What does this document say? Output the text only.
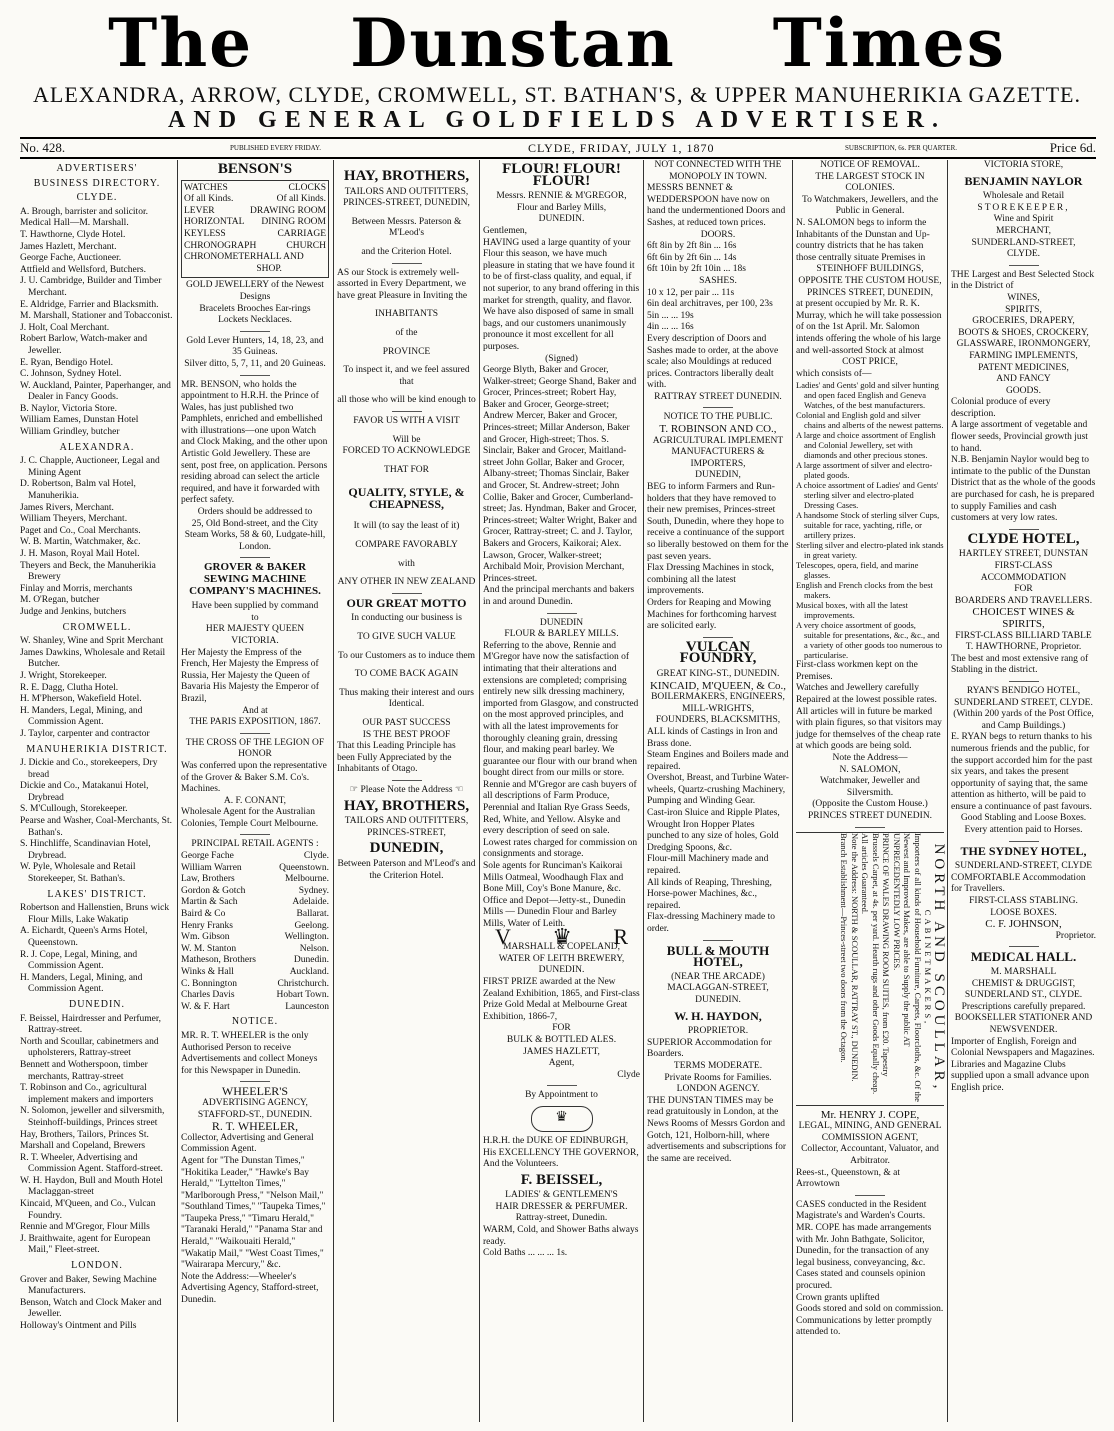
The Dunstan Times
ALEXANDRA, ARROW, CLYDE, CROMWELL, ST. BATHAN'S, & UPPER MANUHERIKIA GAZETTE.
AND GENERAL GOLDFIELDS ADVERTISER.
No. 428.	PUBLISHED EVERY FRIDAY.	CLYDE, FRIDAY, JULY 1, 1870	SUBSCRIPTION, 6s. PER QUARTER.	Price 6d.
ADVERTISERS'
BUSINESS DIRECTORY.
CLYDE.

A. Brough, barrister and solicitor.

Medical Hall—M. Marshall.

T. Hawthorne, Clyde Hotel.

James Hazlett, Merchant.

George Fache, Auctioneer.

Attfield and Wellsford, Butchers.

J. U. Cambridge, Builder and Timber Merchant.

E. Aldridge, Farrier and Blacksmith.

M. Marshall, Stationer and Tobacconist.

J. Holt, Coal Merchant.

Robert Barlow, Watch-maker and Jeweller.

E. Ryan, Bendigo Hotel.

C. Johnson, Sydney Hotel.

W. Auckland, Painter, Paperhanger, and Dealer in Fancy Goods.

B. Naylor, Victoria Store.

William Eames, Dunstan Hotel

William Grindley, butcher

ALEXANDRA.

J. C. Chapple, Auctioneer, Legal and Mining Agent

D. Robertson, Balm val Hotel, Manuherikia.

James Rivers, Merchant.

William Theyers, Merchant.

Paget and Co., Coal Merchants.

W. B. Martin, Watchmaker, &c.

J. H. Mason, Royal Mail Hotel.

Theyers and Beck, the Manuherikia Brewery

Finlay and Morris, merchants

M. O'Regan, butcher

Judge and Jenkins, butchers

CROMWELL.

W. Shanley, Wine and Sprit Merchant

James Dawkins, Wholesale and Retail Butcher.

J. Wright, Storekeeper.

R. E. Dagg, Clutha Hotel.

H. M'Pherson, Wakefield Hotel.

H. Manders, Legal, Mining, and Commission Agent.

J. Taylor, carpenter and contractor

MANUHERIKIA DISTRICT.

J. Dickie and Co., storekeepers, Dry bread

Dickie and Co., Matakanui Hotel, Drybread

S. M'Cullough, Storekeeper.

Pearse and Washer, Coal-Merchants, St. Bathan's.

S. Hinchliffe, Scandinavian Hotel, Drybread.

W. Pyle, Wholesale and Retail Storekeeper, St. Bathan's.

LAKES' DISTRICT.

Robertson and Hallenstien, Bruns wick Flour Mills, Lake Wakatip

A. Eichardt, Queen's Arms Hotel, Queenstown.

R. J. Cope, Legal, Mining, and Commission Agent.

H. Manders, Legal, Mining, and Commission Agent.

DUNEDIN.

F. Beissel, Hairdresser and Perfumer, Rattray-street.

North and Scoullar, cabinetmers and upholsterers, Rattray-street

Bennett and Wotherspoon, timber merchants, Rattray-street

T. Robinson and Co., agricultural implement makers and importers

N. Solomon, jeweller and silversmith, Steinhoff-buildings, Princes street

Hay, Brothers, Tailors, Princes St.

Marshall and Copeland, Brewers

R. T. Wheeler, Advertising and Commission Agent. Stafford-street.

W. H. Haydon, Bull and Mouth Hotel Maclaggan-street

Kincaid, M'Queen, and Co., Vulcan Foundry.

Rennie and M'Gregor, Flour Mills

J. Braithwaite, agent for European Mail," Fleet-street.

LONDON.

Grover and Baker, Sewing Machine Manufacturers.

Benson, Watch and Clock Maker and Jeweller.

Holloway's Ointment and Pills

BENSON'S
WATCHES	CLOCKS
Of all Kinds.	Of all Kinds.
LEVER	DRAWING ROOM
HORIZONTAL DINING ROOM
KEYLESS	CARRIAGE
CHRONOGRAPH	CHURCH
CHRONOMETER HALL AND SHOP.
GOLD JEWELLERY of the Newest Designs
Bracelets Brooches Ear-rings
Lockets Necklaces.
Gold Lever Hunters, 14, 18, 23, and 35 Guineas.
Silver ditto, 5, 7, 11, and 20 Guineas.
MR. BENSON, who holds the appointment to H.R.H. the Prince of Wales, has just published two Pamphlets, enriched and embellished with illustrations—one upon Watch and Clock Making, and the other upon Artistic Gold Jewellery. These are sent, post free, on application. Persons residing abroad can select the article required, and have it forwarded with perfect safety.
Orders should be addressed to
25, Old Bond-street, and the City Steam Works, 58 & 60, Ludgate-hill, London.
GROVER & BAKER SEWING MACHINE COMPANY'S MACHINES.
Have been supplied by command
to
HER MAJESTY QUEEN VICTORIA.
Her Majesty the Empress of the French, Her Majesty the Empress of Russia, Her Majesty the Queen of Bavaria His Majesty the Emperor of Brazil,
And at
THE PARIS EXPOSITION, 1867.
THE CROSS OF THE LEGION OF HONOR
Was conferred upon the representative of the Grover & Baker S.M. Co's. Machines.
A. F. CONANT,
Wholesale Agent for the Australian Colonies, Temple Court Melbourne.
PRINCIPAL RETAIL AGENTS :
George Fache	Clyde.
William Warren	Queenstown.
Law, Brothers	Melbourne.
Gordon & Gotch	Sydney.
Martin & Sach	Adelaide.
Baird & Co	Ballarat.
Henry Franks	Geelong.
Wm. Gibson	Wellington.
W. M. Stanton	Nelson.
Matheson, Brothers	Dunedin.
Winks & Hall	Auckland.
C. Bonnington	Christchurch.
Charles Davis	Hobart Town.
W. & F. Hart	Launceston
NOTICE.
MR. R. T. WHEELER is the only Authorised Person to receive Advertisements and collect Moneys for this Newspaper in Dunedin.
WHEELER'S
ADVERTISING AGENCY,
STAFFORD-ST., DUNEDIN.
R. T. WHEELER,
Collector, Advertising and General Commission Agent.
Agent for "The Dunstan Times," "Hokitika Leader," "Hawke's Bay Herald," "Lyttelton Times," "Marlborough Press," "Nelson Mail," "Southland Times," "Taupeka Times," "Taupeka Press," "Timaru Herald," "Taranaki Herald," "Panama Star and Herald," "Waikouaiti Herald," "Wakatip Mail," "West Coast Times," "Wairarapa Mercury," &c.
Note the Address:—Wheeler's Advertising Agency, Stafford-street, Dunedin.
HAY, BROTHERS,
TAILORS AND OUTFITTERS,
PRINCES-STREET, DUNEDIN,
Between Messrs. Paterson & M'Leod's
and the Criterion Hotel.
AS our Stock is extremely well-assorted in Every Department, we have great Pleasure in Inviting the
INHABITANTS
of the
PROVINCE
To inspect it, and we feel assured that
all those who will be kind enough to
FAVOR US WITH A VISIT
Will be
FORCED TO ACKNOWLEDGE
THAT FOR
QUALITY, STYLE, & CHEAPNESS,
It will (to say the least of it)
COMPARE FAVORABLY
with
ANY OTHER IN NEW ZEALAND
OUR GREAT MOTTO
In conducting our business is
TO GIVE SUCH VALUE
To our Customers as to induce them
TO COME BACK AGAIN
Thus making their interest and ours
Identical.
OUR PAST SUCCESS
IS THE BEST PROOF
That this Leading Principle has been Fully Appreciated by the Inhabitants of Otago.
☞ Please Note the Address ☜
HAY, BROTHERS,
TAILORS AND OUTFITTERS,
PRINCES-STREET,
DUNEDIN,
Between Paterson and M'Leod's and
the Criterion Hotel.
FLOUR! FLOUR! FLOUR!
Messrs. RENNIE & M'GREGOR,
Flour and Barley Mills,
DUNEDIN.
Gentlemen,
HAVING used a large quantity of your Flour this season, we have much pleasure in stating that we have found it to be of first-class quality, and equal, if not superior, to any brand offering in this market for strength, quality, and flavor. We have also disposed of same in small bags, and our customers unanimously pronounce it most excellent for all purposes.
(Signed)
George Blyth, Baker and Grocer, Walker-street; George Shand, Baker and Grocer, Princes-street; Robert Hay, Baker and Grocer, George-street; Andrew Mercer, Baker and Grocer, Princes-street; Millar Anderson, Baker and Grocer, High-street; Thos. S. Sinclair, Baker and Grocer, Maitland-street John Gollar, Baker and Grocer, Albany-street; Thomas Sinclair, Baker and Grocer, St. Andrew-street; John Collie, Baker and Grocer, Cumberland-street; Jas. Hyndman, Baker and Grocer, Princes-street; Walter Wright, Baker and Grocer, Rattray-street; C. and J. Taylor, Bakers and Grocers, Kaikorai; Alex. Lawson, Grocer, Walker-street; Archibald Moir, Provision Merchant, Princes-street.
And the principal merchants and bakers in and around Dunedin.
DUNEDIN
FLOUR & BARLEY MILLS.
Referring to the above, Rennie and M'Gregor have now the satisfaction of intimating that their alterations and extensions are completed; comprising entirely new silk dressing machinery, imported from Glasgow, and constructed on the most approved principles, and with all the latest improvements for thoroughly cleaning grain, dressing flour, and making pearl barley. We guarantee our flour with our brand when bought direct from our mills or store.
Rennie and M'Gregor are cash buyers of all descriptions of Farm Produce, Perennial and Italian Rye Grass Seeds, Red, White, and Yellow. Alsyke and every description of seed on sale.
Lowest rates charged for commission on consignments and storage.
Sole agents for Runciman's Kaikorai Mills Oatmeal, Woodhaugh Flax and Bone Mill, Coy's Bone Manure, &c.
Office and Depot—Jetty-st., Dunedin
Mills — Dunedin Flour and Barley Mills, Water of Leith.
V ♛ R
MARSHALL & COPELAND,
WATER OF LEITH BREWERY,
DUNEDIN.
FIRST PRIZE awarded at the New Zealand Exhibition, 1865, and First-class Prize Gold Medal at Melbourne Great Exhibition, 1866-7,
FOR
BULK & BOTTLED ALES.
JAMES HAZLETT,
Agent,
Clyde
By Appointment to
♛
H.R.H. the DUKE OF EDINBURGH, His EXCELLENCY THE GOVERNOR, And the Volunteers.
F. BEISSEL,
LADIES' & GENTLEMEN'S
HAIR DRESSER & PERFUMER.
Rattray-street, Dunedin.
WARM, Cold, and Shower Baths always ready.
Cold Baths ... ... ... 1s.
NOT CONNECTED WITH THE MONOPOLY IN TOWN.
MESSRS BENNET & WEDDERSPOON have now on hand the undermentioned Doors and Sashes, at reduced town prices.
DOORS.
6ft 8in by 2ft 8in ... 16s
6ft 6in by 2ft 6in ... 14s
6ft 10in by 2ft 10in ... 18s
SASHES.
10 x 12, per pair ... 11s
6in deal architraves, per 100, 23s
5in ... ... 19s
4in ... ... 16s
Every description of Doors and Sashes made to order, at the above scale; also Mouldings at reduced prices. Contractors liberally dealt with.
RATTRAY STREET DUNEDIN.
NOTICE TO THE PUBLIC.
T. ROBINSON AND CO.,
AGRICULTURAL IMPLEMENT
MANUFACTURERS & IMPORTERS,
DUNEDIN,
BEG to inform Farmers and Run-holders that they have removed to their new premises, Princes-street South, Dunedin, where they hope to receive a continuance of the support so liberally bestowed on them for the past seven years.
Flax Dressing Machines in stock, combining all the latest improvements.
Orders for Reaping and Mowing Machines for forthcoming harvest are solicited early.
VULCAN FOUNDRY,
GREAT KING-ST., DUNEDIN.
KINCAID, M'QUEEN, & Co.,
BOILERMAKERS, ENGINEERS, MILL-WRIGHTS,
FOUNDERS, BLACKSMITHS,
ALL kinds of Castings in Iron and Brass done.
Steam Engines and Boilers made and repaired.
Overshot, Breast, and Turbine Water-wheels, Quartz-crushing Machinery, Pumping and Winding Gear.
Cast-iron Sluice and Ripple Plates, Wrought Iron Hopper Plates punched to any size of holes, Gold Dredging Spoons, &c.
Flour-mill Machinery made and repaired.
All kinds of Reaping, Threshing, Horse-power Machines, &c., repaired.
Flax-dressing Machinery made to order.
BULL & MOUTH HOTEL,
(NEAR THE ARCADE)
MACLAGGAN-STREET,
DUNEDIN.
W. H. HAYDON,
PROPRIETOR.
SUPERIOR Accommodation for Boarders.
TERMS MODERATE.
Private Rooms for Families.
LONDON AGENCY.
THE DUNSTAN TIMES may be read gratuitously in London, at the News Rooms of Messrs Gordon and Gotch, 121, Holborn-hill, where advertisements and subscriptions for the same are received.
NOTICE OF REMOVAL.
THE LARGEST STOCK IN COLONIES.
To Watchmakers, Jewellers, and the Public in General.
N. SALOMON begs to inform the Inhabitants of the Dunstan and Up-country districts that he has taken those centrally situate Premises in
STEINHOFF BUILDINGS,
OPPOSITE THE CUSTOM HOUSE, PRINCES STREET, DUNEDIN,
at present occupied by Mr. R. K. Murray, which he will take possession of on the 1st April. Mr. Salomon intends offering the whole of his large and well-assorted Stock at almost
COST PRICE,
which consists of—

Ladies' and Gents' gold and silver hunting and open faced English and Geneva Watches, of the best manufacturers.

Colonial and English gold and silver chains and alberts of the newest patterns.

A large and choice assortment of English and Colonial Jewellery, set with diamonds and other precious stones.

A large assortment of silver and electro-plated goods.

A choice assortment of Ladies' and Gents' sterling silver and electro-plated Dressing Cases.

A handsome Stock of sterling silver Cups, suitable for race, yachting, rifle, or artillery prizes.

Sterling silver and electro-plated ink stands in great variety.

Telescopes, opera, field, and marine glasses.

English and French clocks from the best makers.

Musical boxes, with all the latest improvements.

A very choice assortment of goods, suitable for presentations, &c., &c., and a variety of other goods too numerous to particularise.

First-class workmen kept on the Premises.
Watches and Jewellery carefully Repaired at the lowest possible rates.
All articles will in future be marked with plain figures, so that visitors may judge for themselves of the cheap rate at which goods are being sold.
Note the Address—
N. SALOMON,
Watchmaker, Jeweller and Silversmith.
(Opposite the Custom House.)
PRINCES STREET DUNEDIN.
NORTH AND SCOULLAR,
CABINETMAKERS,
Importers of all kinds of Household Furniture, Carpets, Floorcloths, &c. Of the Newest and Improved Makes, are able to Supply the public AT UNPRECEDENTEDLY LOW PRICES.
PRINCE OF WALES DRAWING ROOM SUITES, from £20. Tapestry Brussels Carpet, at 4s. per yard. Hearth rugs and other Goods Equally cheap. All articles Guaranteed.
Note the Address: NORTH & SCOULLAR, RATTRAY ST., DUNEDIN. Branch Establishment—Princes-street two doors from the Octagon.
Mr. HENRY J. COPE,
LEGAL, MINING, AND GENERAL
COMMISSION AGENT,
Collector, Accountant, Valuator, and Arbitrator.
Rees-st., Queenstown, & at Arrowtown
CASES conducted in the Resident Magistrate's and Warden's Courts.
MR. COPE has made arrangements with Mr. John Bathgate, Solicitor, Dunedin, for the transaction of any legal business, conveyancing, &c.
Cases stated and counsels opinion procured.
Crown grants uplifted
Goods stored and sold on commission.
Communications by letter promptly attended to.
VICTORIA STORE,
BENJAMIN NAYLOR
Wholesale and Retail
STOREKEEPER,
Wine and Spirit
MERCHANT,
SUNDERLAND-STREET,
CLYDE.
THE Largest and Best Selected Stock in the District of
WINES,
SPIRITS,
GROCERIES, DRAPERY,
BOOTS & SHOES, CROCKERY,
GLASSWARE, IRONMONGERY,
FARMING IMPLEMENTS,
PATENT MEDICINES,
AND FANCY
GOODS.
Colonial produce of every description.
A large assortment of vegetable and flower seeds, Provincial growth just to hand.
N.B. Benjamin Naylor would beg to intimate to the public of the Dunstan District that as the whole of the goods are purchased for cash, he is prepared to supply Families and cash customers at very low rates.
CLYDE HOTEL,
HARTLEY STREET, DUNSTAN
FIRST-CLASS ACCOMMODATION
FOR
BOARDERS AND TRAVELLERS.
CHOICEST WINES & SPIRITS,
FIRST-CLASS BILLIARD TABLE
T. HAWTHORNE, Proprietor.
The best and most extensive rang of Stabling in the district.
RYAN'S BENDIGO HOTEL,
SUNDERLAND STREET, CLYDE.
(Within 200 yards of the Post Office, and Camp Buildings.)
E. RYAN begs to return thanks to his numerous friends and the public, for the support accorded him for the past six years, and takes the present opportunity of saying that, the same attention as hitherto, will be paid to ensure a continuance of past favours.
Good Stabling and Loose Boxes.
Every attention paid to Horses.
THE SYDNEY HOTEL,
SUNDERLAND-STREET, CLYDE
COMFORTABLE Accommodation for Travellers.
FIRST-CLASS STABLING.
LOOSE BOXES.
C. F. JOHNSON,
Proprietor.
MEDICAL HALL.
M. MARSHALL
CHEMIST & DRUGGIST,
SUNDERLAND ST., CLYDE.
Prescriptions carefully prepared.
BOOKSELLER STATIONER AND NEWSVENDER.
Importer of English, Foreign and Colonial Newspapers and Magazines.
Libraries and Magazine Clubs supplied upon a small advance upon English price.
